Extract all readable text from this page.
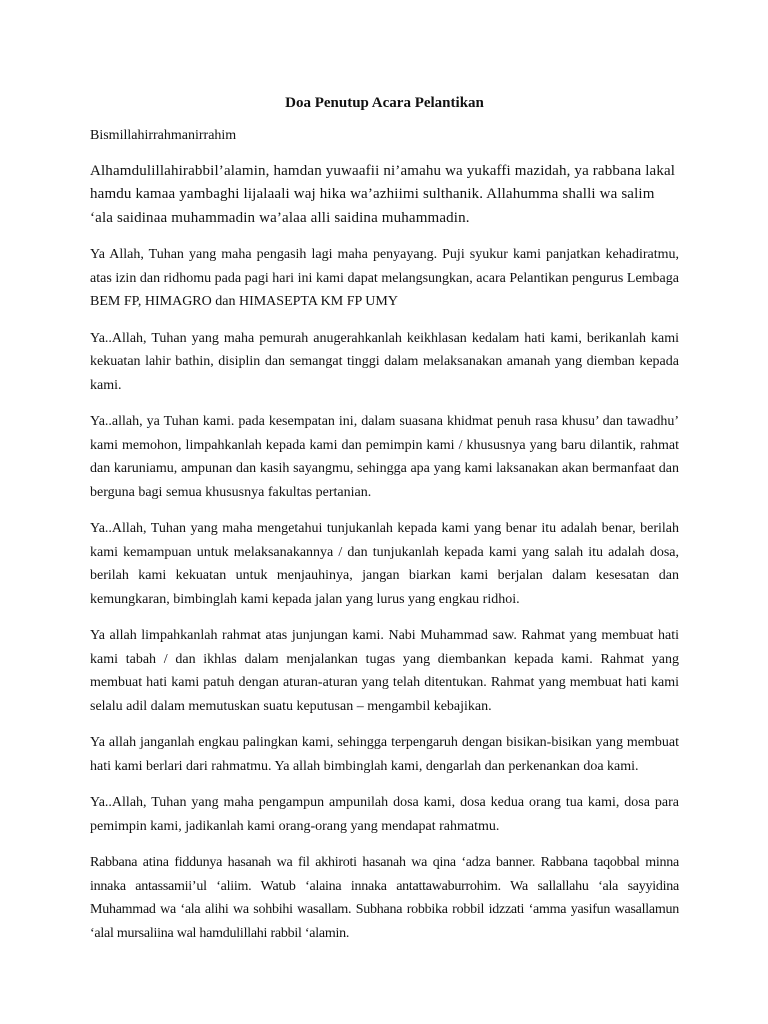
Doa Penutup Acara Pelantikan

Bismillahirrahmanirrahim

Alhamdulillahirabbil’alamin, hamdan yuwaafii ni’amahu wa yukaffi mazidah, ya rabbana lakal hamdu kamaa yambaghi lijalaali waj hika wa’azhiimi sulthanik. Allahumma shalli wa salim ‘ala saidinaa muhammadin wa’alaa alli saidina muhammadin.

Ya Allah, Tuhan yang maha pengasih lagi maha penyayang. Puji syukur kami panjatkan kehadiratmu, atas izin dan ridhomu pada pagi hari ini kami dapat melangsungkan, acara Pelantikan pengurus Lembaga BEM FP, HIMAGRO dan HIMASEPTA KM FP UMY

Ya..Allah, Tuhan yang maha pemurah anugerahkanlah keikhlasan kedalam hati kami, berikanlah kami kekuatan lahir bathin, disiplin dan semangat tinggi dalam melaksanakan amanah yang diemban kepada kami.

Ya..allah, ya Tuhan kami. pada kesempatan ini, dalam suasana khidmat penuh rasa khusu’ dan tawadhu’ kami memohon, limpahkanlah kepada kami dan pemimpin kami / khususnya yang baru dilantik, rahmat dan karuniamu, ampunan dan kasih sayangmu, sehingga apa yang kami laksanakan akan bermanfaat dan berguna bagi semua khususnya fakultas pertanian.

Ya..Allah, Tuhan yang maha mengetahui tunjukanlah kepada kami yang benar itu adalah benar, berilah kami kemampuan untuk melaksanakannya / dan tunjukanlah kepada kami yang salah itu adalah dosa, berilah kami kekuatan untuk menjauhinya, jangan biarkan kami berjalan dalam kesesatan dan kemungkaran, bimbinglah kami kepada jalan yang lurus yang engkau ridhoi.

Ya allah limpahkanlah rahmat atas junjungan kami. Nabi Muhammad saw. Rahmat yang membuat hati kami tabah / dan ikhlas dalam menjalankan tugas yang diembankan kepada kami. Rahmat yang membuat hati kami patuh dengan aturan-aturan yang telah ditentukan. Rahmat yang membuat hati kami selalu adil dalam memutuskan suatu keputusan – mengambil kebajikan.

Ya allah janganlah engkau palingkan kami, sehingga terpengaruh dengan bisikan-bisikan yang membuat hati kami berlari dari rahmatmu. Ya allah bimbinglah kami, dengarlah dan perkenankan doa kami.

Ya..Allah, Tuhan yang maha pengampun ampunilah dosa kami, dosa kedua orang tua kami, dosa para pemimpin kami, jadikanlah kami orang-orang yang mendapat rahmatmu.

Rabbana atina fiddunya hasanah wa fil akhiroti hasanah wa qina ‘adza banner. Rabbana taqobbal minna innaka antassamii’ul ‘aliim. Watub ‘alaina innaka antattawaburrohim. Wa sallallahu ‘ala sayyidina Muhammad wa ‘ala alihi wa sohbihi wasallam. Subhana robbika robbil idzzati ‘amma yasifun wasallamun ‘alal mursaliina wal hamdulillahi rabbil ‘alamin.
